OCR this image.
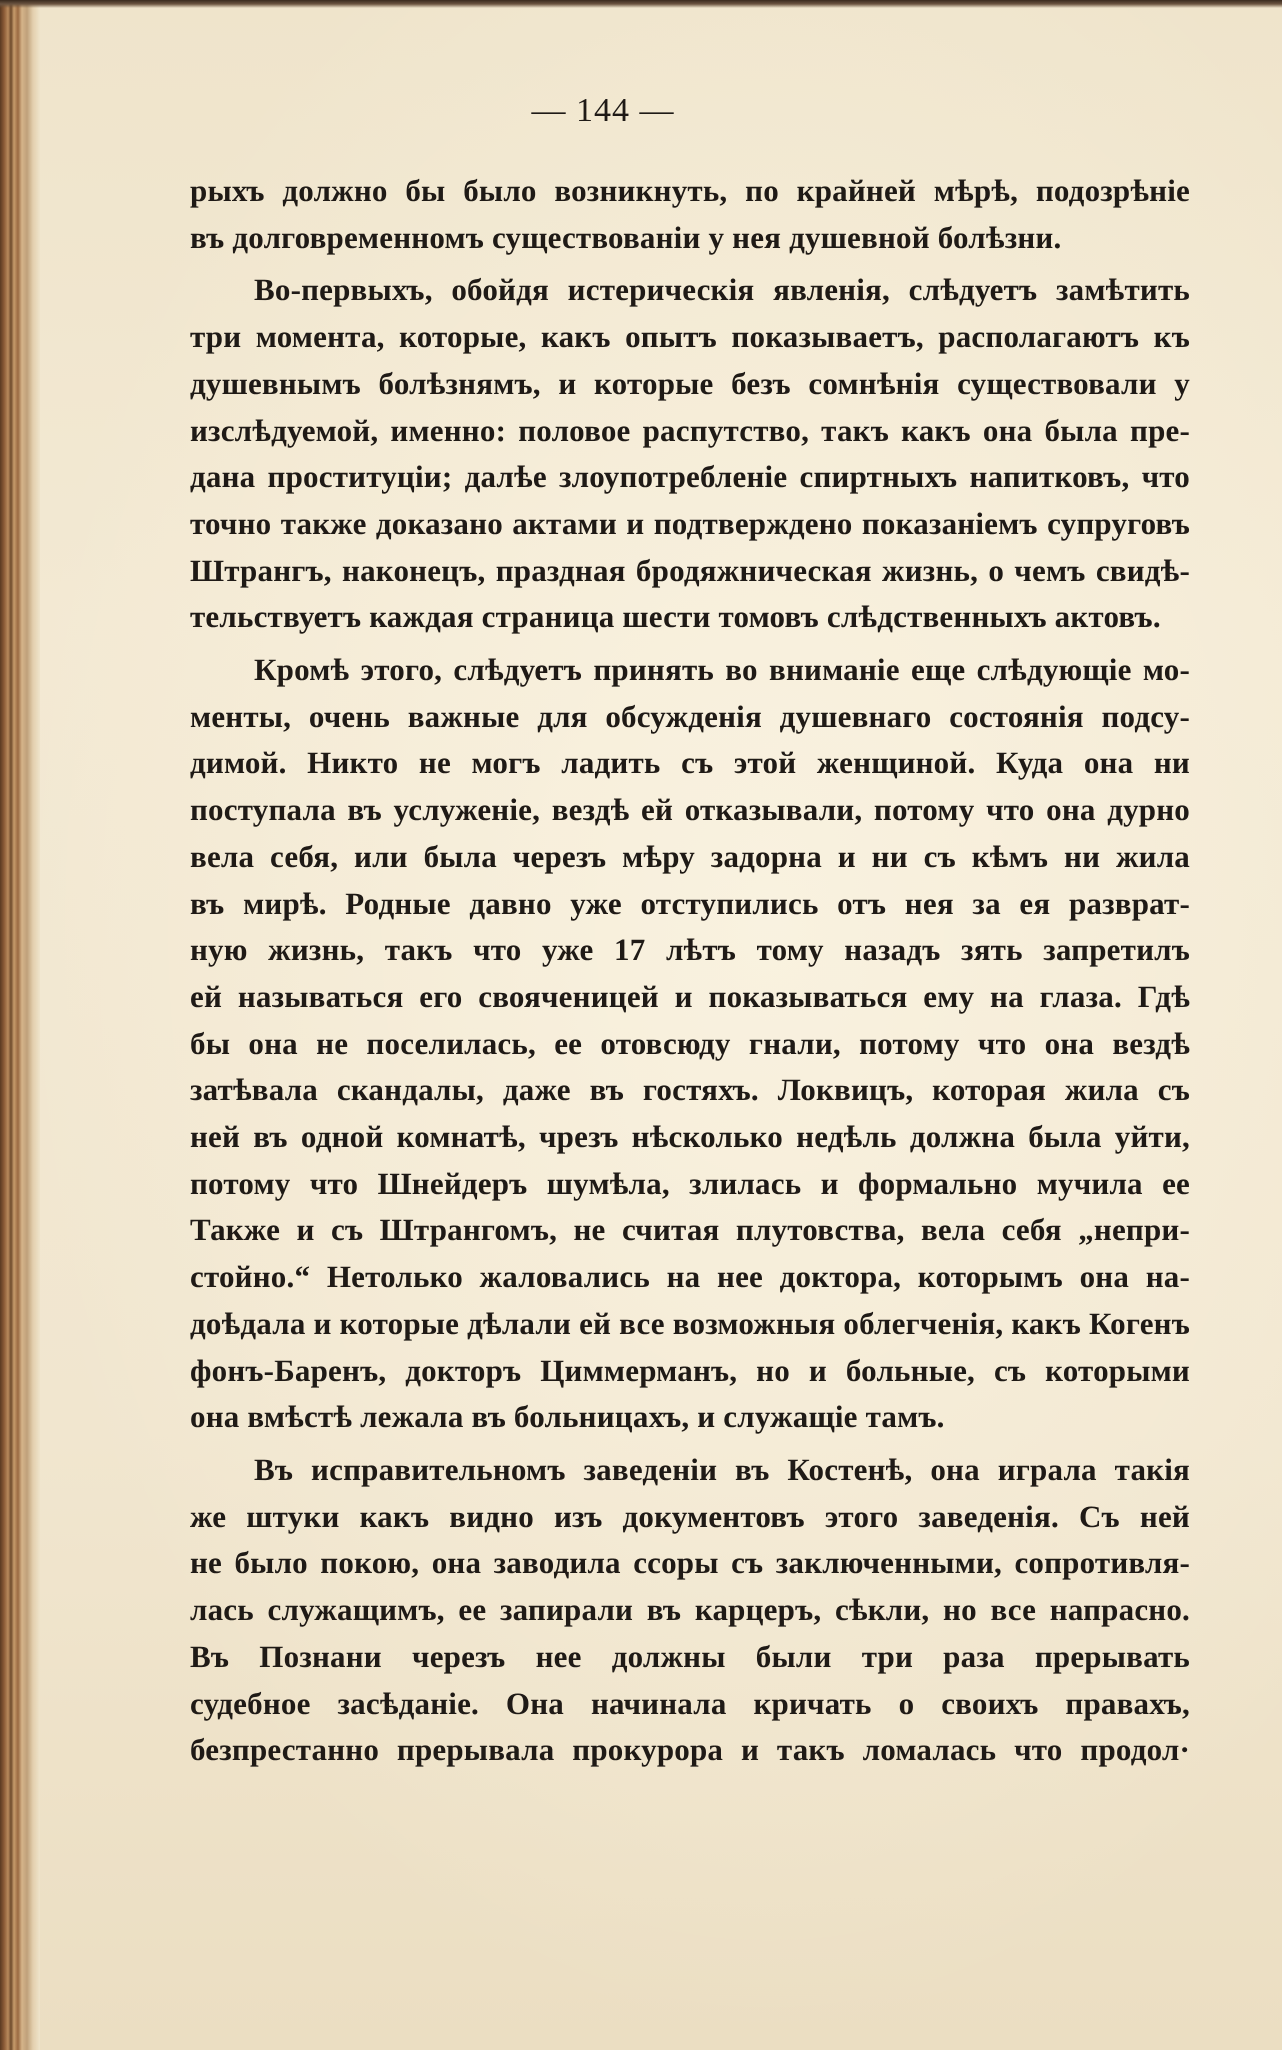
— 144 —
рыхъ должно бы было возникнуть, по крайней мѣрѣ, подозрѣніе
въ долговременномъ существованіи у нея душевной болѣзни.
Во-первыхъ, обойдя истерическія явленія, слѣдуетъ замѣтить
три момента, которые, какъ опытъ показываетъ, располагаютъ къ
душевнымъ болѣзнямъ, и которые безъ сомнѣнія существовали у
изслѣдуемой, именно: половое распутство, такъ какъ она была пре-
дана проституціи; далѣе злоупотребленіе спиртныхъ напитковъ, что
точно также доказано актами и подтверждено показаніемъ супруговъ
Штрангъ, наконецъ, праздная бродяжническая жизнь, о чемъ свидѣ-
тельствуетъ каждая страница шести томовъ слѣдственныхъ актовъ.
Кромѣ этого, слѣдуетъ принять во вниманіе еще слѣдующіе мо-
менты, очень важные для обсужденія душевнаго состоянія подсу-
димой. Никто не могъ ладить съ этой женщиной. Куда она ни
поступала въ услуженіе, вездѣ ей отказывали, потому что она дурно
вела себя, или была черезъ мѣру задорна и ни съ кѣмъ ни жила
въ мирѣ. Родные давно уже отступились отъ нея за ея разврат-
ную жизнь, такъ что уже 17 лѣтъ тому назадъ зять запретилъ
ей называться его свояченицей и показываться ему на глаза. Гдѣ
бы она не поселилась, ее отовсюду гнали, потому что она вездѣ
затѣвала скандалы, даже въ гостяхъ. Локвицъ, которая жила съ
ней въ одной комнатѣ, чрезъ нѣсколько недѣль должна была уйти,
потому что Шнейдеръ шумѣла, злилась и формально мучила ее
Также и съ Штрангомъ, не считая плутовства, вела себя „непри-
стойно.“ Нетолько жаловались на нее доктора, которымъ она на-
доѣдала и которые дѣлали ей все возможныя облегченія, какъ Когенъ
фонъ-Баренъ, докторъ Циммерманъ, но и больные, съ которыми
она вмѣстѣ лежала въ больницахъ, и служащіе тамъ.
Въ исправительномъ заведеніи въ Костенѣ, она играла такія
же штуки какъ видно изъ документовъ этого заведенія. Съ ней
не было покою, она заводила ссоры съ заключенными, сопротивля-
лась служащимъ, ее запирали въ карцеръ, сѣкли, но все напрасно.
Въ Познани черезъ нее должны были три раза прерывать
судебное засѣданіе. Она начинала кричать о своихъ правахъ,
безпрестанно прерывала прокурора и такъ ломалась что продол·
